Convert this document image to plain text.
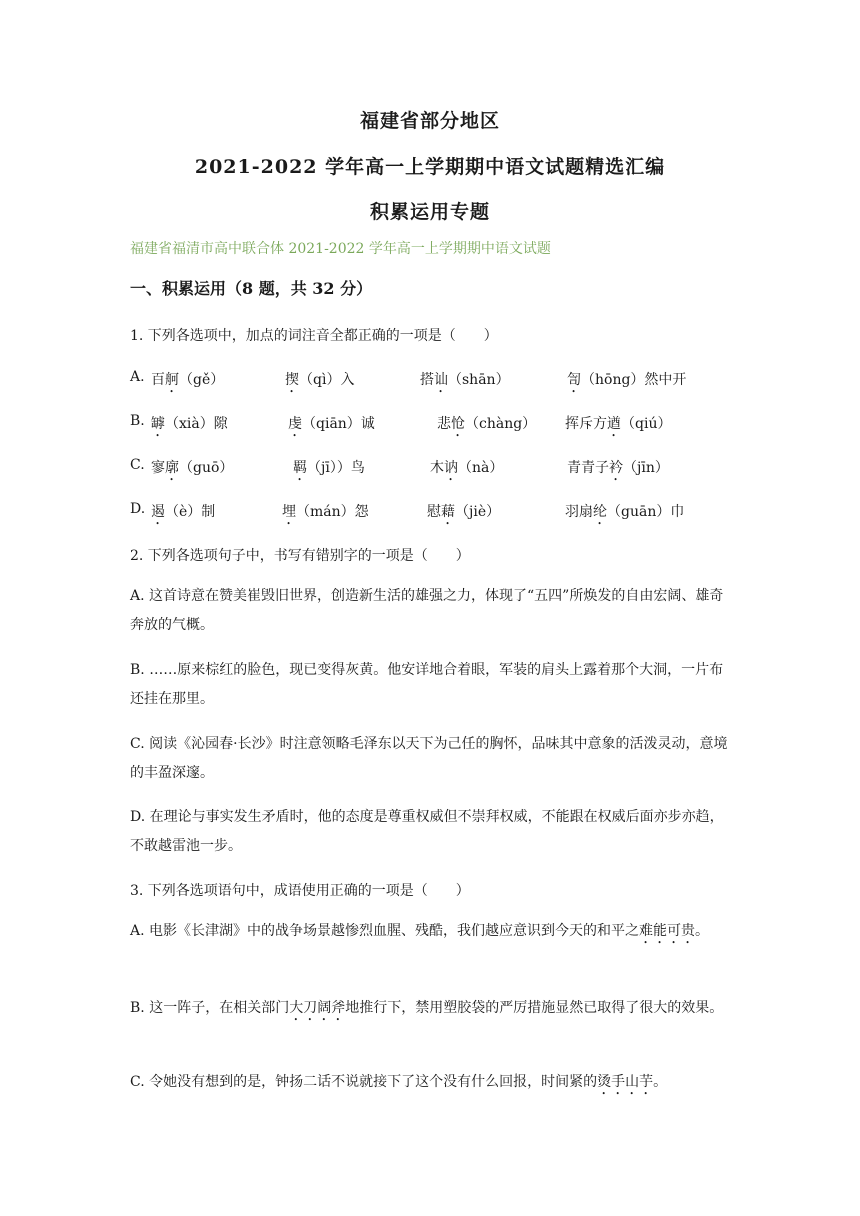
福建省部分地区
2021-2022 学年高一上学期期中语文试题精选汇编
积累运用专题
福建省福清市高中联合体 2021-2022 学年高一上学期期中语文试题
一、积累运用（8 题，共 32 分）
1. 下列各选项中，加点的词注音全都正确的一项是（　　）
A. 百舸（gě）	揳（qì）入	搭讪（shān）	訇（hōng）然中开
B. 罅（xià）隙	虔（qiān）诚	悲怆（chàng） 挥斥方遒（qiú）
C. 寥廓（guō）	羁（jī））鸟	木讷（nà）	青青子衿（jīn）
D. 遏（è）制	埋（mán）怨	慰藉（jiè）	羽扇纶（guān）巾
2. 下列各选项句子中，书写有错别字的一项是（　　）
A. 这首诗意在赞美崔毁旧世界，创造新生活的雄强之力，体现了“五四”所焕发的自由宏阔、雄奇奔放的气概。
B. ……原来棕红的脸色，现已变得灰黄。他安详地合着眼，军装的肩头上露着那个大洞，一片布还挂在那里。
C. 阅读《沁园春·长沙》时注意领略毛泽东以天下为己任的胸怀，品味其中意象的活泼灵动，意境的丰盈深邃。
D. 在理论与事实发生矛盾时，他的态度是尊重权威但不崇拜权威，不能跟在权威后面亦步亦趋，不敢越雷池一步。
3. 下列各选项语句中，成语使用正确的一项是（　　）
A. 电影《长津湖》中的战争场景越惨烈血腥、残酷，我们越应意识到今天的和平之难能可贵。
B. 这一阵子，在相关部门大刀阔斧地推行下，禁用塑胶袋的严厉措施显然已取得了很大的效果。
C. 令她没有想到的是，钟扬二话不说就接下了这个没有什么回报，时间紧的烫手山芋。
